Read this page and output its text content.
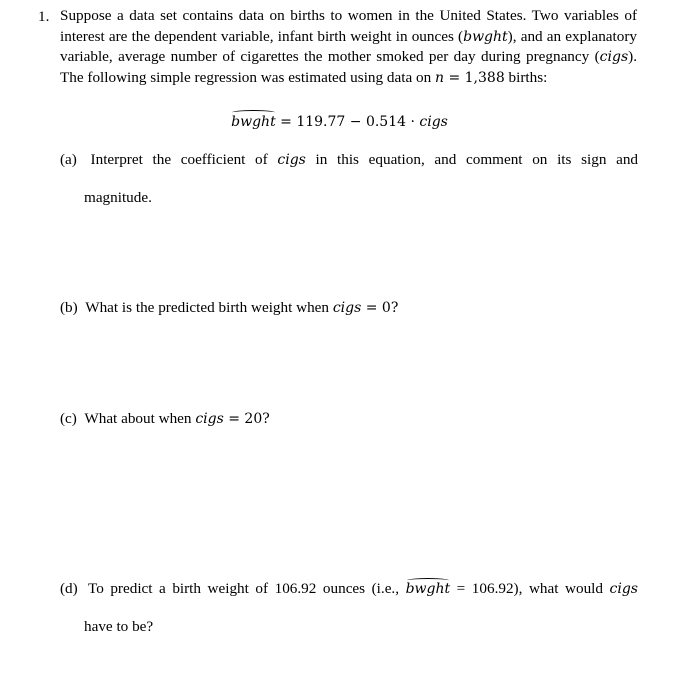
1. Suppose a data set contains data on births to women in the United States. Two variables of interest are the dependent variable, infant birth weight in ounces (bwght), and an explanatory variable, average number of cigarettes the mother smoked per day during pregnancy (cigs). The following simple regression was estimated using data on n = 1,388 births:
bwght = 119.77 − 0.514 · cigs
(a) Interpret the coefficient of cigs in this equation, and comment on its sign and
magnitude.
(b) What is the predicted birth weight when cigs = 0?
(c) What about when cigs = 20?
(d) To predict a birth weight of 106.92 ounces (i.e., bwght = 106.92), what would cigs
have to be?
